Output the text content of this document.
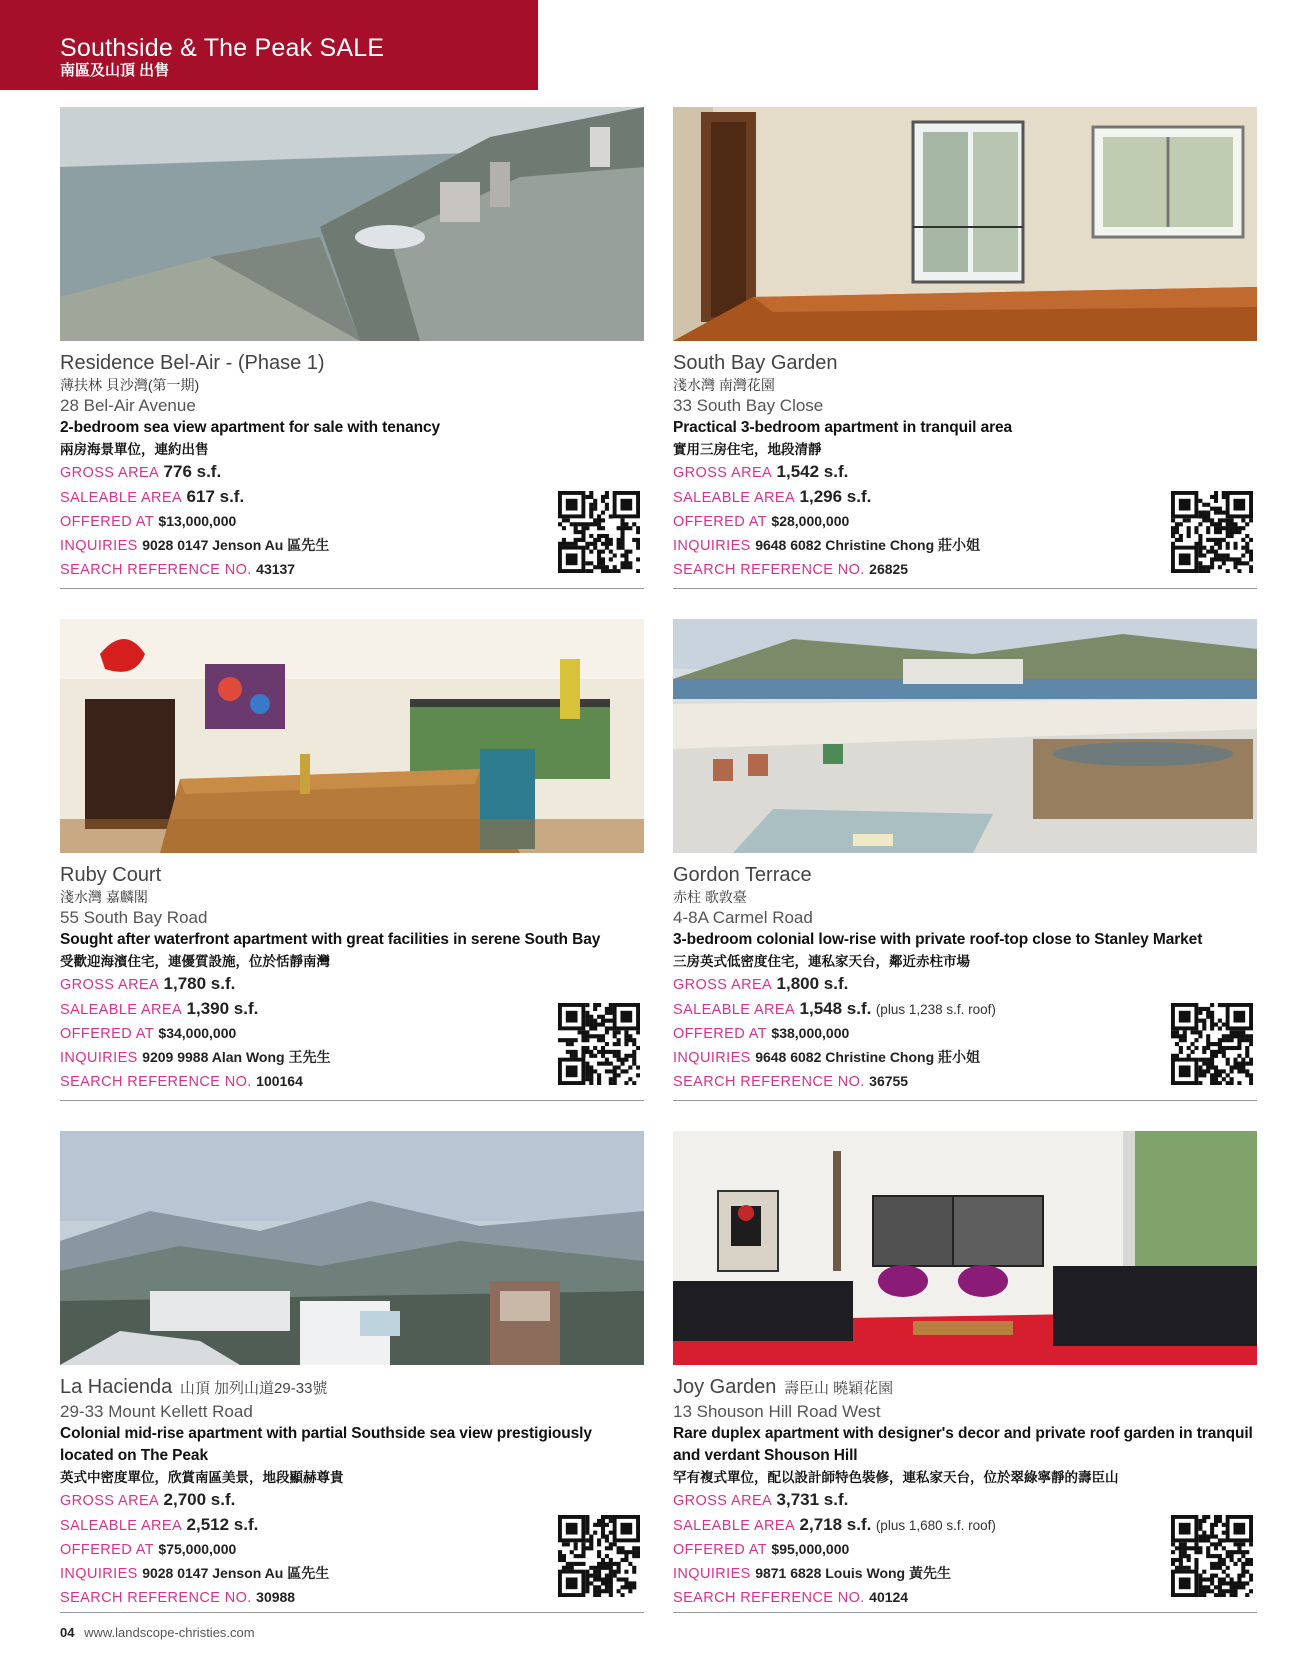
Southside & The Peak SALE
南區及山頂 出售
Residence Bel-Air - (Phase 1)
薄扶林 貝沙灣(第一期)
28 Bel-Air Avenue
2-bedroom sea view apartment for sale with tenancy
兩房海景單位，連約出售
GROSS AREA 776 s.f.
SALEABLE AREA 617 s.f.
OFFERED AT $13,000,000
INQUIRIES 9028 0147 Jenson Au 區先生
SEARCH REFERENCE NO. 43137
South Bay Garden
淺水灣 南灣花園
33 South Bay Close
Practical 3-bedroom apartment in tranquil area
實用三房住宅，地段清靜
GROSS AREA 1,542 s.f.
SALEABLE AREA 1,296 s.f.
OFFERED AT $28,000,000
INQUIRIES 9648 6082 Christine Chong 莊小姐
SEARCH REFERENCE NO. 26825
Ruby Court
淺水灣 嘉麟閣
55 South Bay Road
Sought after waterfront apartment with great facilities in serene South Bay
受歡迎海濱住宅，連優質設施，位於恬靜南灣
GROSS AREA 1,780 s.f.
SALEABLE AREA 1,390 s.f.
OFFERED AT $34,000,000
INQUIRIES 9209 9988 Alan Wong 王先生
SEARCH REFERENCE NO. 100164
Gordon Terrace
赤柱 歌敦臺
4-8A Carmel Road
3-bedroom colonial low-rise with private roof-top close to Stanley Market
三房英式低密度住宅，連私家天台，鄰近赤柱市場
GROSS AREA 1,800 s.f.
SALEABLE AREA 1,548 s.f. (plus 1,238 s.f. roof)
OFFERED AT $38,000,000
INQUIRIES 9648 6082 Christine Chong 莊小姐
SEARCH REFERENCE NO. 36755
La Hacienda 山頂 加列山道29-33號
29-33 Mount Kellett Road
Colonial mid-rise apartment with partial Southside sea view prestigiously located on The Peak
英式中密度單位，欣賞南區美景，地段顯赫尊貴
GROSS AREA 2,700 s.f.
SALEABLE AREA 2,512 s.f.
OFFERED AT $75,000,000
INQUIRIES 9028 0147 Jenson Au 區先生
SEARCH REFERENCE NO. 30988
Joy Garden 壽臣山 曉穎花園
13 Shouson Hill Road West
Rare duplex apartment with designer's decor and private roof garden in tranquil and verdant Shouson Hill
罕有複式單位，配以設計師特色裝修，連私家天台，位於翠綠寧靜的壽臣山
GROSS AREA 3,731 s.f.
SALEABLE AREA 2,718 s.f. (plus 1,680 s.f. roof)
OFFERED AT $95,000,000
INQUIRIES 9871 6828 Louis Wong 黃先生
SEARCH REFERENCE NO. 40124
04 www.landscope-christies.com
